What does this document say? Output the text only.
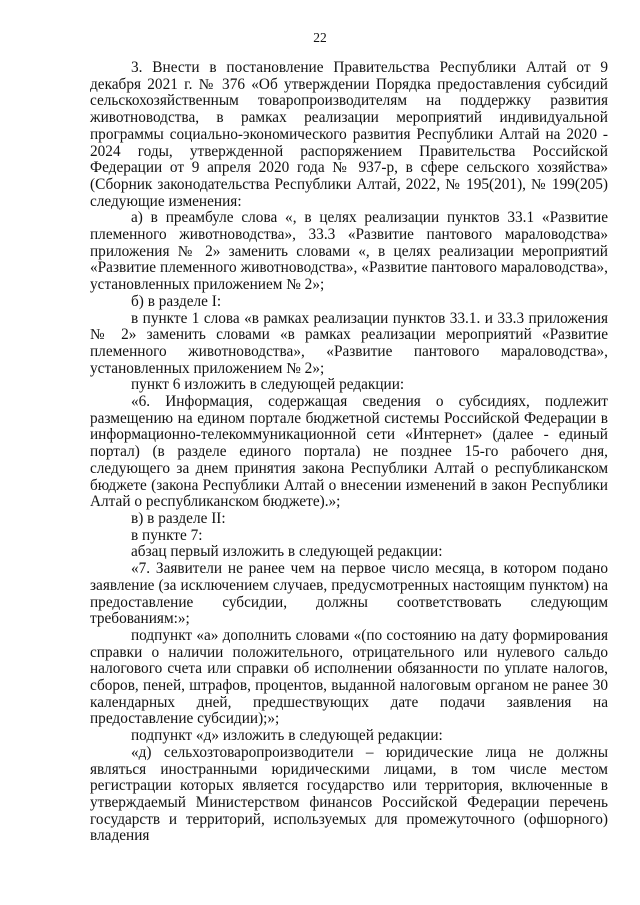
22

3. Внести в постановление Правительства Республики Алтай от 9 декабря 2021 г. № 376 «Об утверждении Порядка предоставления субсидий сельскохозяйственным товаропроизводителям на поддержку развития животноводства, в рамках реализации мероприятий индивидуальной программы социально-экономического развития Республики Алтай на 2020 - 2024 годы, утвержденной распоряжением Правительства Российской Федерации от 9 апреля 2020 года № 937-р, в сфере сельского хозяйства» (Сборник законодательства Республики Алтай, 2022, № 195(201), № 199(205) следующие изменения:

а) в преамбуле слова «, в целях реализации пунктов 33.1 «Развитие племенного животноводства», 33.3 «Развитие пантового мараловодства» приложения № 2» заменить словами «, в целях реализации мероприятий «Развитие племенного животноводства», «Развитие пантового мараловодства», установленных приложением № 2»;

б) в разделе I:

в пункте 1 слова «в рамках реализации пунктов 33.1. и 33.3 приложения № 2» заменить словами «в рамках реализации мероприятий «Развитие племенного животноводства», «Развитие пантового мараловодства», установленных приложением № 2»;

пункт 6 изложить в следующей редакции:

«6. Информация, содержащая сведения о субсидиях, подлежит размещению на едином портале бюджетной системы Российской Федерации в информационно-телекоммуникационной сети «Интернет» (далее - единый портал) (в разделе единого портала) не позднее 15-го рабочего дня, следующего за днем принятия закона Республики Алтай о республиканском бюджете (закона Республики Алтай о внесении изменений в закон Республики Алтай о республиканском бюджете).»;

в) в разделе II:

в пункте 7:

абзац первый изложить в следующей редакции:

«7. Заявители не ранее чем на первое число месяца, в котором подано заявление (за исключением случаев, предусмотренных настоящим пунктом) на предоставление субсидии, должны соответствовать следующим требованиям:»;

подпункт «а» дополнить словами «(по состоянию на дату формирования справки о наличии положительного, отрицательного или нулевого сальдо налогового счета или справки об исполнении обязанности по уплате налогов, сборов, пеней, штрафов, процентов, выданной налоговым органом не ранее 30 календарных дней, предшествующих дате подачи заявления на предоставление субсидии);»;

подпункт «д» изложить в следующей редакции:

«д) сельхозтоваропроизводители – юридические лица не должны являться иностранными юридическими лицами, в том числе местом регистрации которых является государство или территория, включенные в утверждаемый Министерством финансов Российской Федерации перечень государств и территорий, используемых для промежуточного (офшорного) владения
